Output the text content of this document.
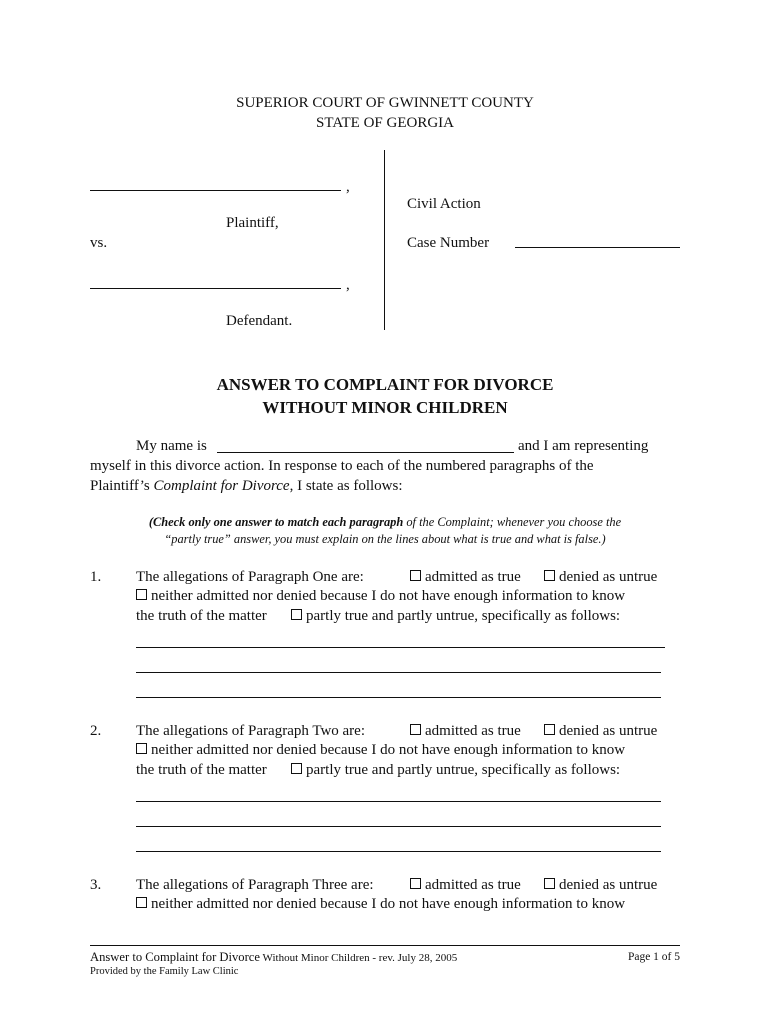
SUPERIOR COURT OF GWINNETT COUNTY
STATE OF GEORGIA
,
Plaintiff,
vs.
,
Defendant.
Civil Action
Case Number
ANSWER TO COMPLAINT FOR DIVORCE
WITHOUT MINOR CHILDREN
My name is	and I am representing
myself in this divorce action. In response to each of the numbered paragraphs of the
Plaintiff’s Complaint for Divorce, I state as follows:
(Check only one answer to match each paragraph of the Complaint; whenever you choose the
“partly true” answer, you must explain on the lines about what is true and what is false.)
1. The allegations of Paragraph One are:	admitted as true	denied as untrue
neither admitted nor denied because I do not have enough information to know
the truth of the matter	partly true and partly untrue, specifically as follows:
2. The allegations of Paragraph Two are:	admitted as true	denied as untrue
neither admitted nor denied because I do not have enough information to know
the truth of the matter	partly true and partly untrue, specifically as follows:
3. The allegations of Paragraph Three are:	admitted as true	denied as untrue
neither admitted nor denied because I do not have enough information to know
Answer to Complaint for Divorce Without Minor Children - rev. July 28, 2005	Page 1 of 5
Provided by the Family Law Clinic
